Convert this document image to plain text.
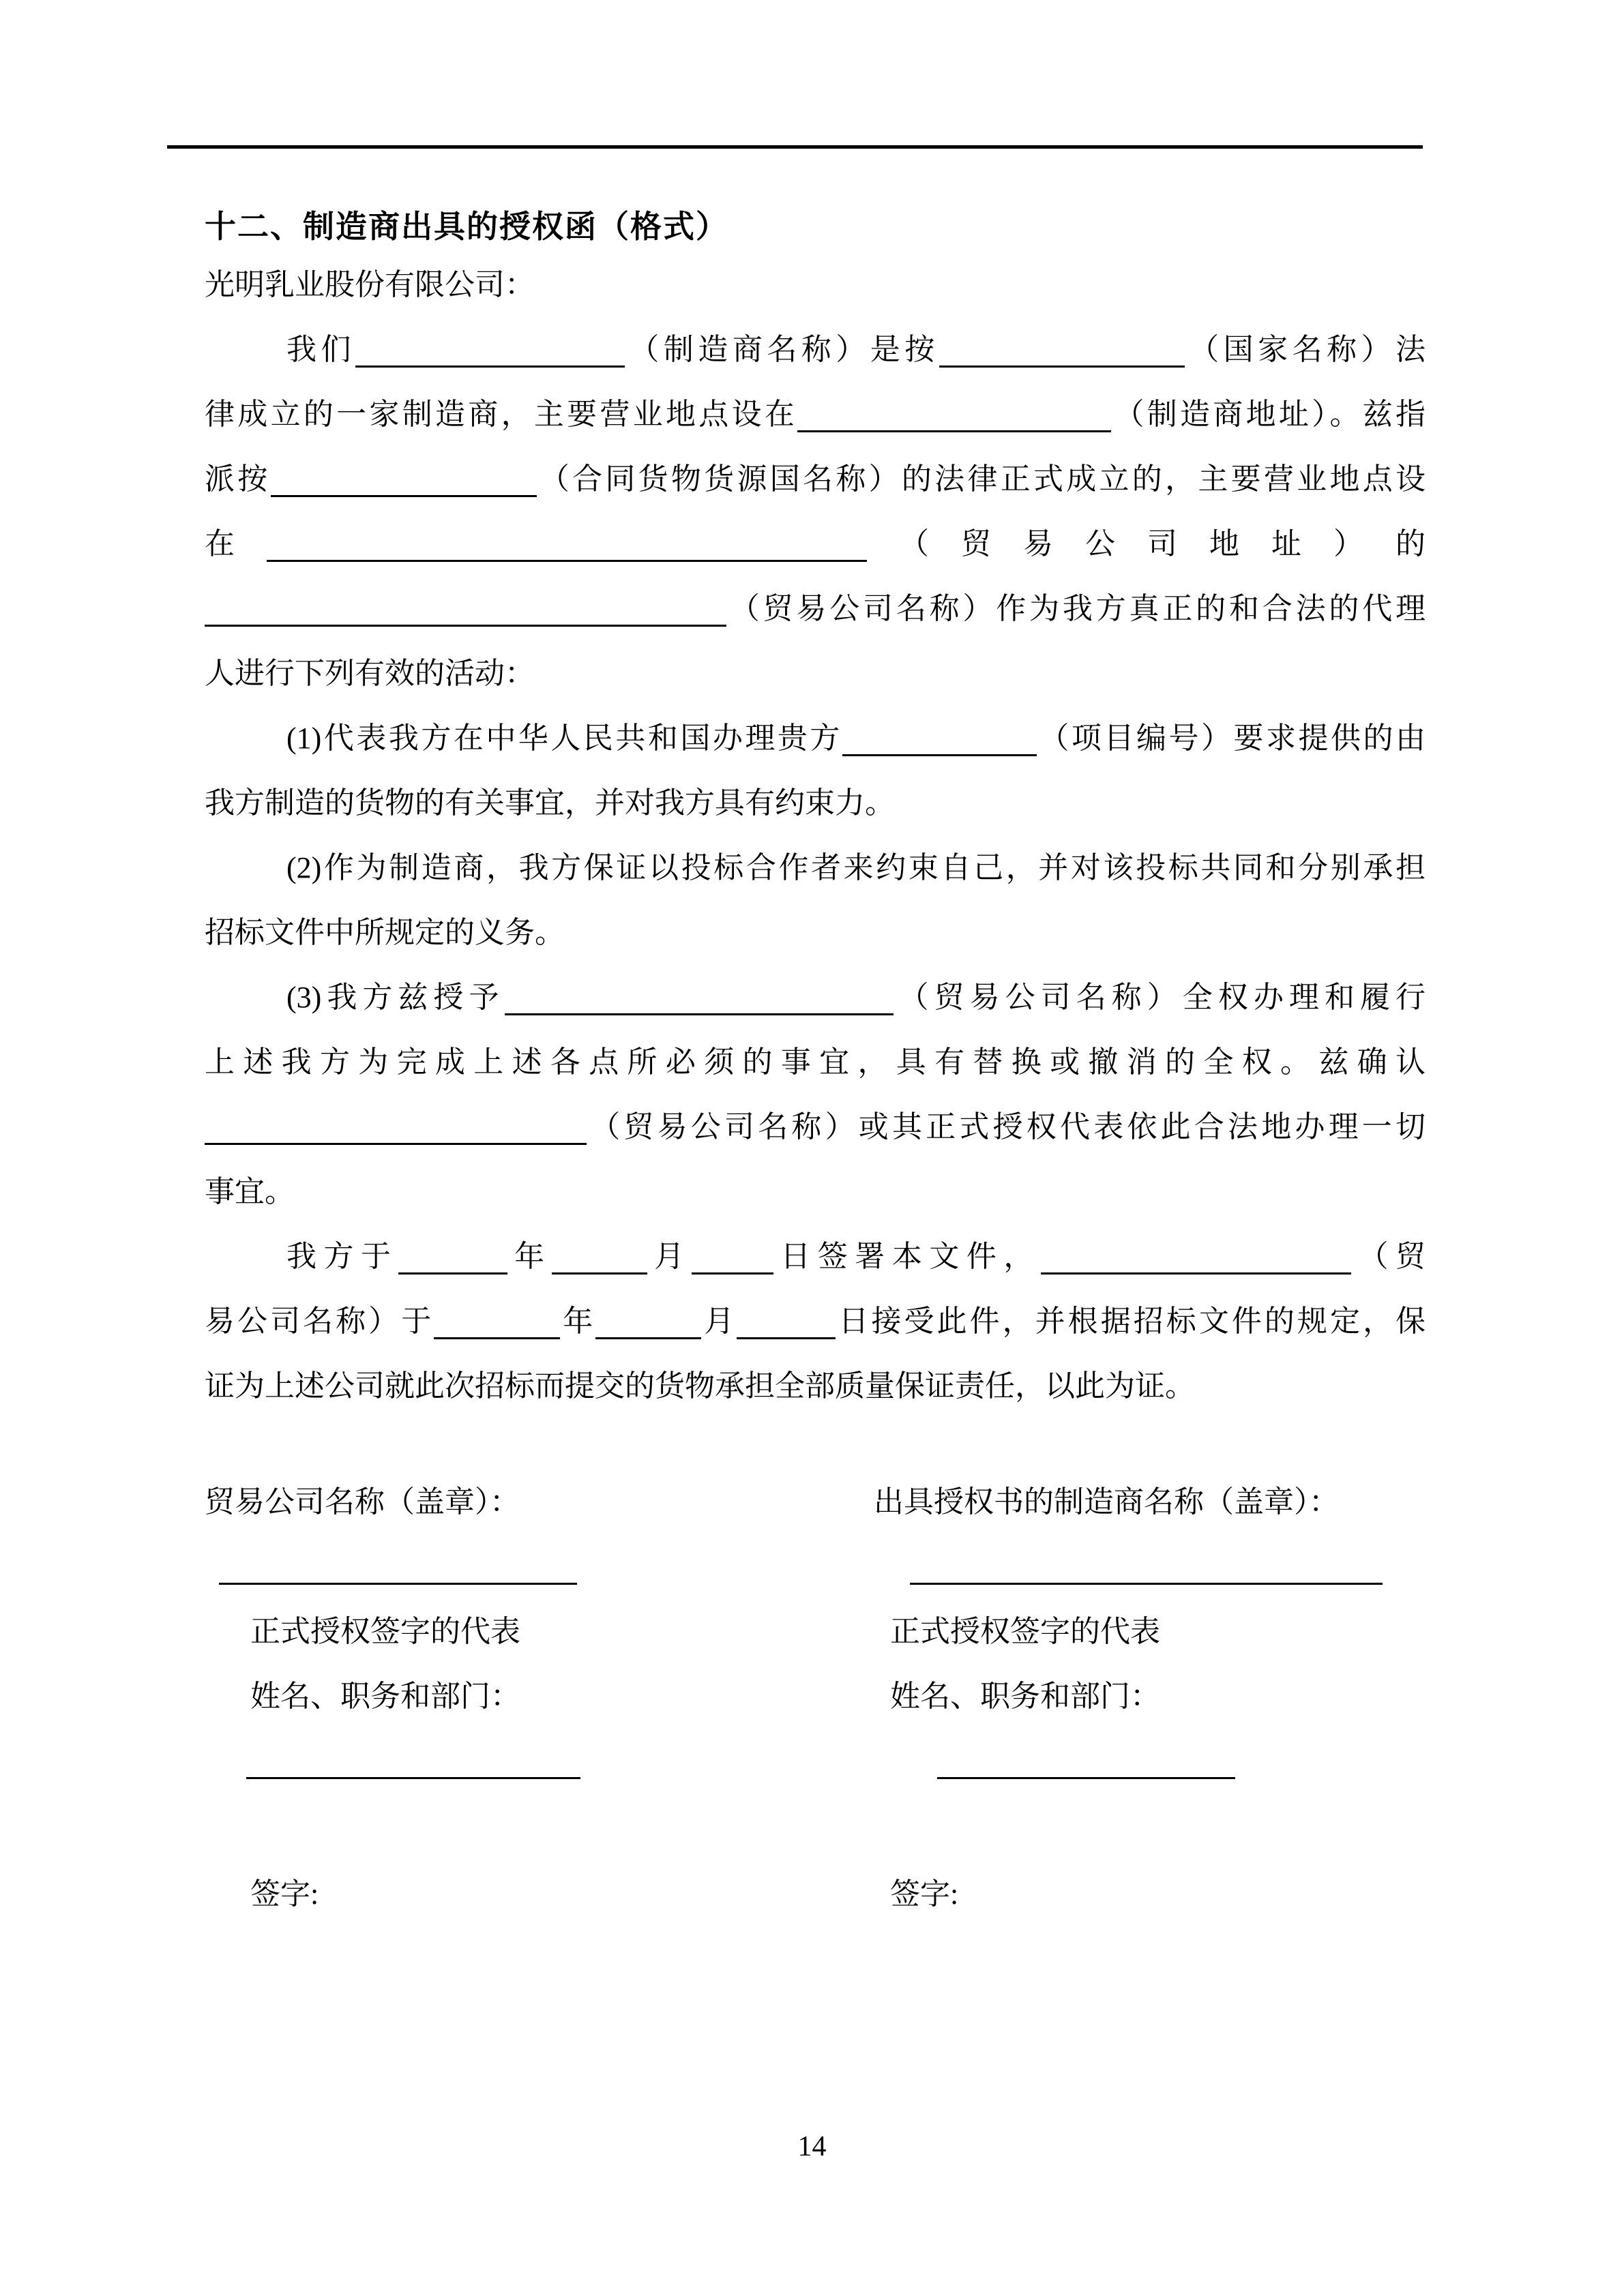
十二、制造商出具的授权函（格式）
光明乳业股份有限公司：
我们	（制造商名称）是按	（国家名称）法
律成立的一家制造商，主要营业地点设在	（制造商地址）。兹指
派按	（合同货物货源国名称）的法律正式成立的，主要营业地点设
在	（贸易公司地址）的
（贸易公司名称）作为我方真正的和合法的代理
人进行下列有效的活动：
(1)代表我方在中华人民共和国办理贵方	（项目编号）要求提供的由
我方制造的货物的有关事宜，并对我方具有约束力。
(2)作为制造商，我方保证以投标合作者来约束自己，并对该投标共同和分别承担
招标文件中所规定的义务。
(3)我方兹授予	（贸易公司名称）全权办理和履行
上述我方为完成上述各点所必须的事宜，具有替换或撤消的全权。兹确认
（贸易公司名称）或其正式授权代表依此合法地办理一切
事宜。
我方于	年	月	日签署本文件，	（贸
易公司名称）于	年	月	日接受此件，并根据招标文件的规定，保
证为上述公司就此次招标而提交的货物承担全部质量保证责任，以此为证。
贸易公司名称（盖章）：	出具授权书的制造商名称（盖章）：
正式授权签字的代表	正式授权签字的代表
姓名、职务和部门：	姓名、职务和部门：
签字:	签字:
14
